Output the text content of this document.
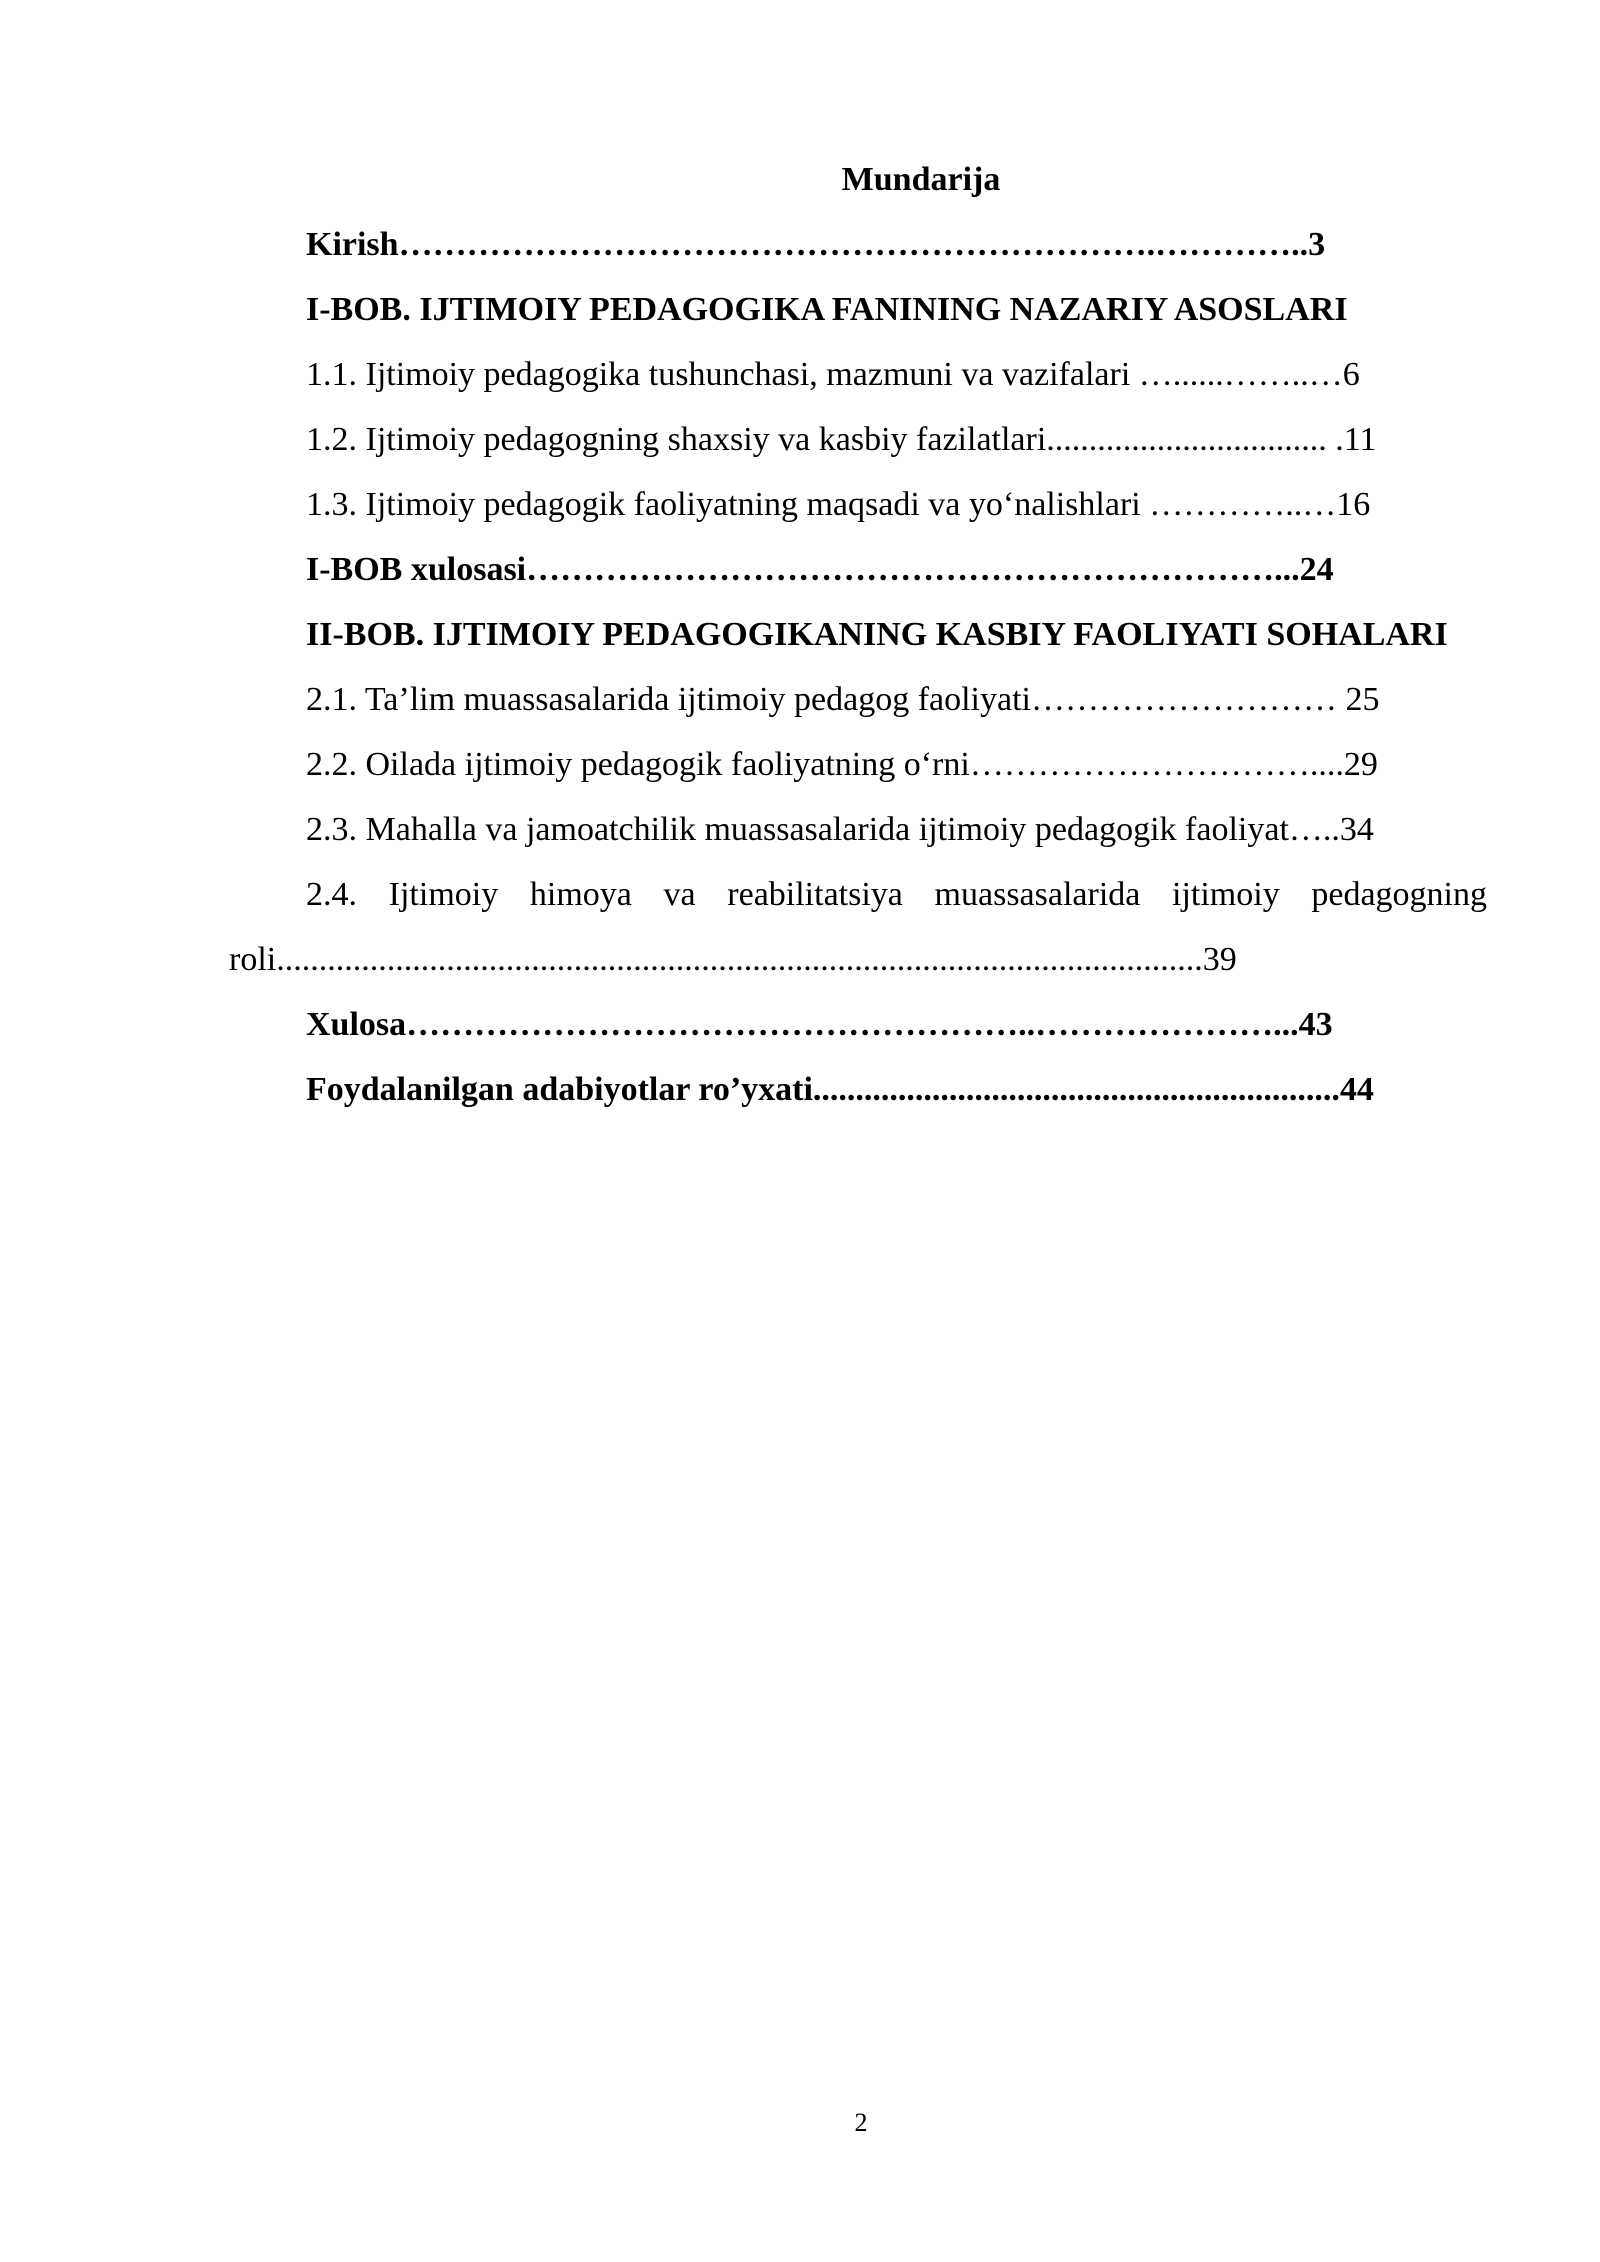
Mundarija
Kirish………………………………………………………….…………..3
I-BOB. IJTIMOIY PEDAGOGIKA FANINING NAZARIY ASOSLARI
1.1. Ijtimoiy pedagogika tushunchasi, mazmuni va vazifalari …......……..…6
1.2. Ijtimoiy pedagogning shaxsiy va kasbiy fazilatlari................................. .11
1.3. Ijtimoiy pedagogik faoliyatning maqsadi va yo‘nalishlari …………..…16
I-BOB xulosasi…………………………………………………………...24
II-BOB. IJTIMOIY PEDAGOGIKANING KASBIY FAOLIYATI SOHALARI
2.1. Ta’lim muassasalarida ijtimoiy pedagog faoliyati……………………… 25
2.2. Oilada ijtimoiy pedagogik faoliyatning o‘rni…………………………....29
2.3. Mahalla va jamoatchilik muassasalarida ijtimoiy pedagogik faoliyat…..34
2.4. Ijtimoiy himoya va reabilitatsiya muassasalarida ijtimoiy pedagogning roli.............................................................................................................39
Xulosa………………………………………………..…………………...43
Foydalanilgan adabiyotlar ro’yxati..............................................................44
2
